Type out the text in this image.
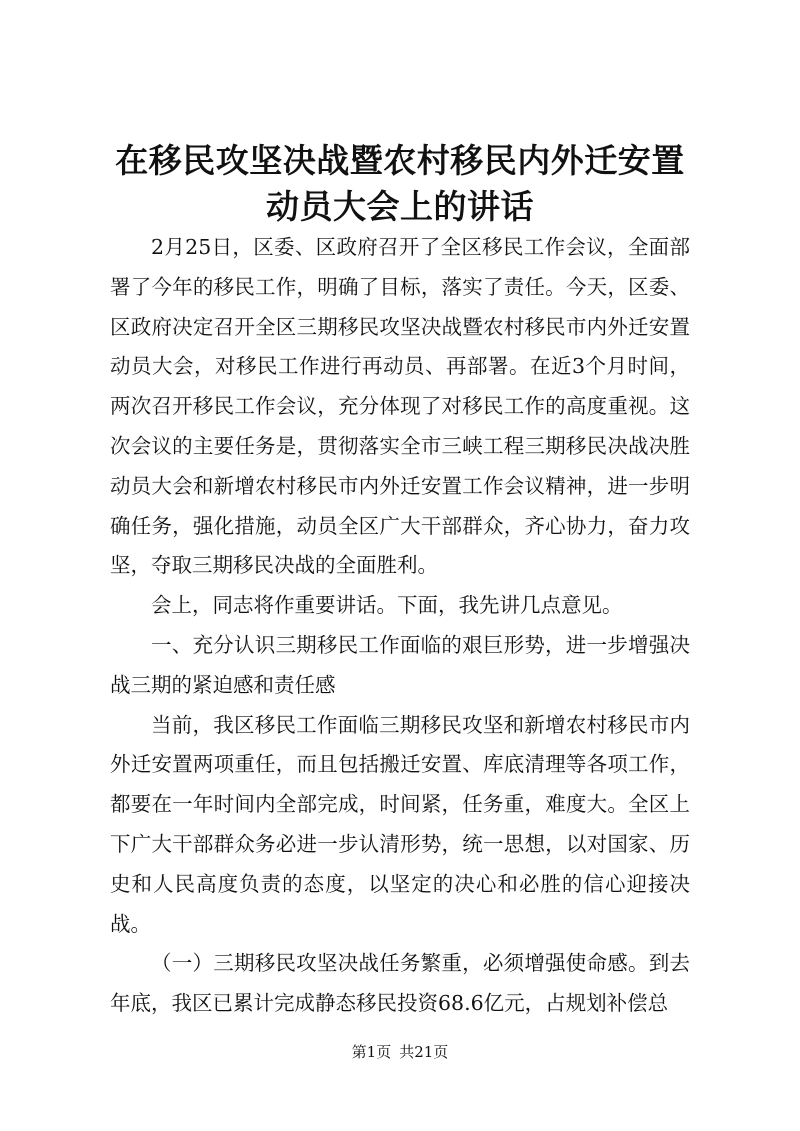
在移民攻坚决战暨农村移民内外迁安置动员大会上的讲话

2月25日，区委、区政府召开了全区移民工作会议，全面部署了今年的移民工作，明确了目标，落实了责任。今天，区委、区政府决定召开全区三期移民攻坚决战暨农村移民市内外迁安置动员大会，对移民工作进行再动员、再部署。在近3个月时间，两次召开移民工作会议，充分体现了对移民工作的高度重视。这次会议的主要任务是，贯彻落实全市三峡工程三期移民决战决胜动员大会和新增农村移民市内外迁安置工作会议精神，进一步明确任务，强化措施，动员全区广大干部群众，齐心协力，奋力攻坚，夺取三期移民决战的全面胜利。

会上，同志将作重要讲话。下面，我先讲几点意见。

一、充分认识三期移民工作面临的艰巨形势，进一步增强决战三期的紧迫感和责任感

当前，我区移民工作面临三期移民攻坚和新增农村移民市内外迁安置两项重任，而且包括搬迁安置、库底清理等各项工作，都要在一年时间内全部完成，时间紧，任务重，难度大。全区上下广大干部群众务必进一步认清形势，统一思想，以对国家、历史和人民高度负责的态度，以坚定的决心和必胜的信心迎接决战。

（一）三期移民攻坚决战任务繁重，必须增强使命感。到去年底，我区已累计完成静态移民投资68.6亿元，占规划补偿总

第1页 共21页
